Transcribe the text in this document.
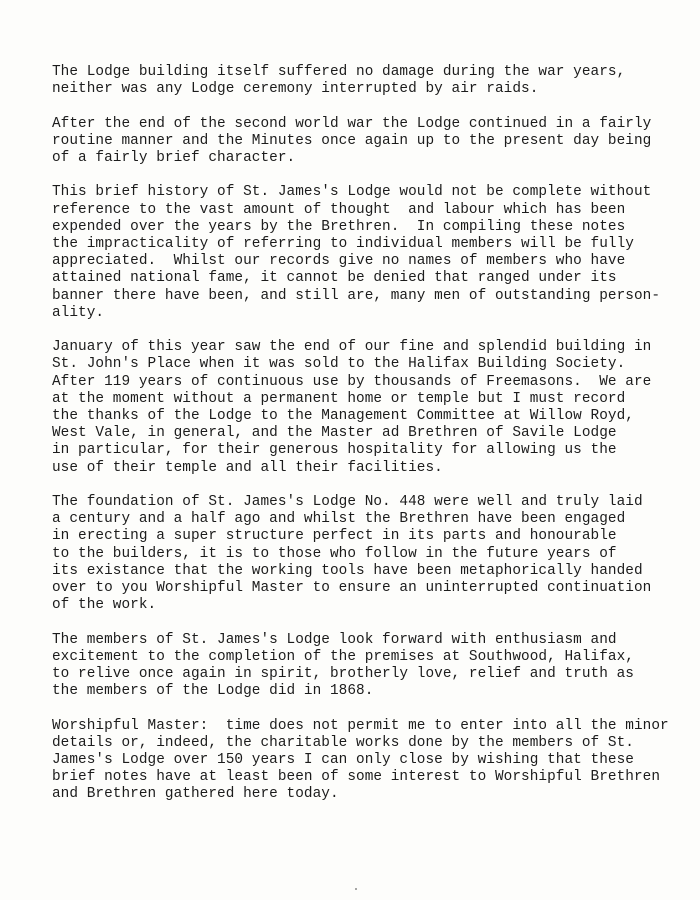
The Lodge building itself suffered no damage during the war years,
neither was any Lodge ceremony interrupted by air raids.

After the end of the second world war the Lodge continued in a fairly
routine manner and the Minutes once again up to the present day being
of a fairly brief character.

This brief history of St. James's Lodge would not be complete without
reference to the vast amount of thought  and labour which has been
expended over the years by the Brethren.  In compiling these notes
the impracticality of referring to individual members will be fully
appreciated.  Whilst our records give no names of members who have
attained national fame, it cannot be denied that ranged under its
banner there have been, and still are, many men of outstanding person-
ality.

January of this year saw the end of our fine and splendid building in
St. John's Place when it was sold to the Halifax Building Society.
After 119 years of continuous use by thousands of Freemasons.  We are
at the moment without a permanent home or temple but I must record
the thanks of the Lodge to the Management Committee at Willow Royd,
West Vale, in general, and the Master ad Brethren of Savile Lodge
in particular, for their generous hospitality for allowing us the
use of their temple and all their facilities.

The foundation of St. James's Lodge No. 448 were well and truly laid
a century and a half ago and whilst the Brethren have been engaged
in erecting a super structure perfect in its parts and honourable
to the builders, it is to those who follow in the future years of
its existance that the working tools have been metaphorically handed
over to you Worshipful Master to ensure an uninterrupted continuation
of the work.

The members of St. James's Lodge look forward with enthusiasm and
excitement to the completion of the premises at Southwood, Halifax,
to relive once again in spirit, brotherly love, relief and truth as
the members of the Lodge did in 1868.

Worshipful Master:  time does not permit me to enter into all the minor
details or, indeed, the charitable works done by the members of St.
James's Lodge over 150 years I can only close by wishing that these
brief notes have at least been of some interest to Worshipful Brethren
and Brethren gathered here today.
